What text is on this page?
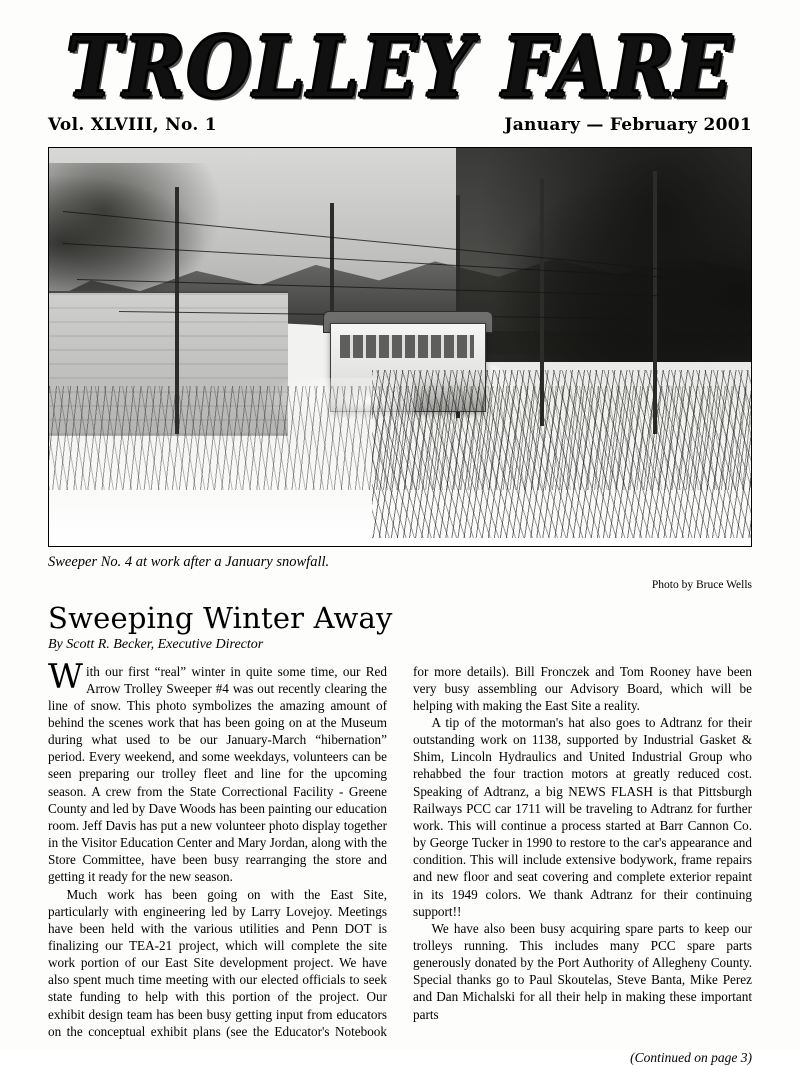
TROLLEY FARE
Vol. XLVIII, No. 1	January — February 2001
Sweeper No. 4 at work after a January snowfall.
Photo by Bruce Wells
Sweeping Winter Away
By Scott R. Becker, Executive Director

With our first “real” winter in quite some time, our Red Arrow Trolley Sweeper #4 was out recently clearing the line of snow. This photo symbolizes the amazing amount of behind the scenes work that has been going on at the Museum during what used to be our January-March “hibernation” period. Every weekend, and some weekdays, volunteers can be seen preparing our trolley fleet and line for the upcoming season. A crew from the State Correctional Facility - Greene County and led by Dave Woods has been painting our education room. Jeff Davis has put a new volunteer photo display together in the Visitor Education Center and Mary Jordan, along with the Store Committee, have been busy rearranging the store and getting it ready for the new season.

Much work has been going on with the East Site, particularly with engineering led by Larry Lovejoy. Meetings have been held with the various utilities and Penn DOT is finalizing our TEA-21 project, which will complete the site work portion of our East Site development project. We have also spent much time meeting with our elected officials to seek state funding to help with this portion of the project. Our exhibit design team has been busy getting input from educators on the conceptual exhibit plans (see the Educator's Notebook for more details). Bill Fronczek and Tom Rooney have been very busy assembling our Advisory Board, which will be helping with making the East Site a reality.

A tip of the motorman's hat also goes to Adtranz for their outstanding work on 1138, supported by Industrial Gasket & Shim, Lincoln Hydraulics and United Industrial Group who rehabbed the four traction motors at greatly reduced cost. Speaking of Adtranz, a big NEWS FLASH is that Pittsburgh Railways PCC car 1711 will be traveling to Adtranz for further work. This will continue a process started at Barr Cannon Co. by George Tucker in 1990 to restore to the car's appearance and condition. This will include extensive bodywork, frame repairs and new floor and seat covering and complete exterior repaint in its 1949 colors. We thank Adtranz for their continuing support!!

We have also been busy acquiring spare parts to keep our trolleys running. This includes many PCC spare parts generously donated by the Port Authority of Allegheny County. Special thanks go to Paul Skoutelas, Steve Banta, Mike Perez and Dan Michalski for all their help in making these important parts

(Continued on page 3)
